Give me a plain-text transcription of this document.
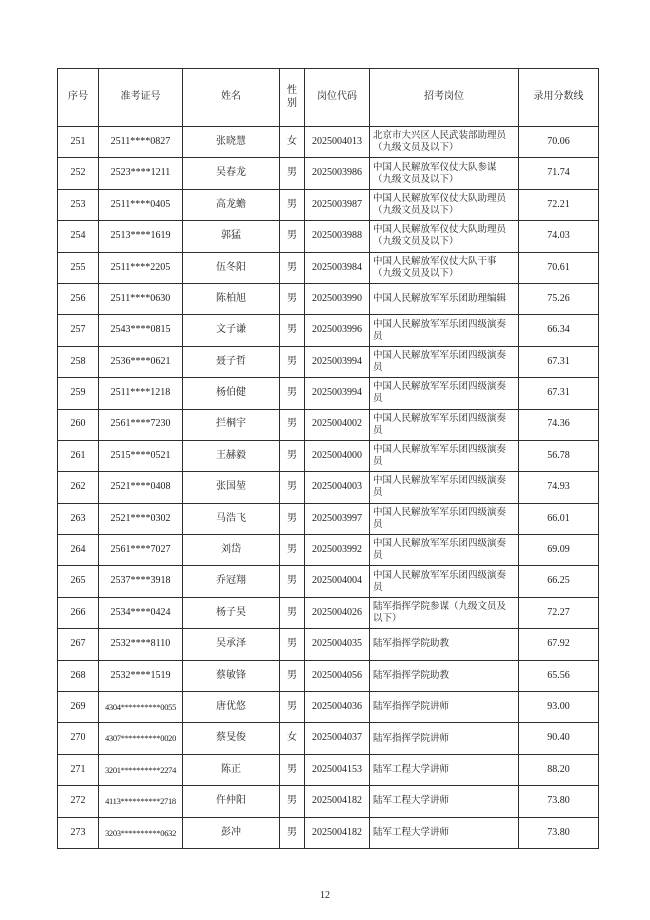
序号	准考证号	姓名	性别	岗位代码	招考岗位	录用分数线
251	2511****0827	张晓慧	女	2025004013	北京市大兴区人民武装部助理员（九级文员及以下）	70.06
252	2523****1211	吴春龙	男	2025003986	中国人民解放军仪仗大队参谋（九级文员及以下）	71.74
253	2511****0405	高龙蟾	男	2025003987	中国人民解放军仪仗大队助理员（九级文员及以下）	72.21
254	2513****1619	郭猛	男	2025003988	中国人民解放军仪仗大队助理员（九级文员及以下）	74.03
255	2511****2205	伍冬阳	男	2025003984	中国人民解放军仪仗大队干事（九级文员及以下）	70.61
256	2511****0630	陈柏旭	男	2025003990	中国人民解放军军乐团助理编辑	75.26
257	2543****0815	文子谦	男	2025003996	中国人民解放军军乐团四级演奏员	66.34
258	2536****0621	聂子哲	男	2025003994	中国人民解放军军乐团四级演奏员	67.31
259	2511****1218	杨伯健	男	2025003994	中国人民解放军军乐团四级演奏员	67.31
260	2561****7230	拦桐宇	男	2025004002	中国人民解放军军乐团四级演奏员	74.36
261	2515****0521	王赫毅	男	2025004000	中国人民解放军军乐团四级演奏员	56.78
262	2521****0408	张国堃	男	2025004003	中国人民解放军军乐团四级演奏员	74.93
263	2521****0302	马浩飞	男	2025003997	中国人民解放军军乐团四级演奏员	66.01
264	2561****7027	刘岱	男	2025003992	中国人民解放军军乐团四级演奏员	69.09
265	2537****3918	乔冠翔	男	2025004004	中国人民解放军军乐团四级演奏员	66.25
266	2534****0424	杨子昊	男	2025004026	陆军指挥学院参谋（九级文员及以下）	72.27
267	2532****8110	吴承泽	男	2025004035	陆军指挥学院助教	67.92
268	2532****1519	蔡敏锋	男	2025004056	陆军指挥学院助教	65.56
269	4304**********0055	唐优悠	男	2025004036	陆军指挥学院讲师	93.00
270	4307**********0020	蔡旻俊	女	2025004037	陆军指挥学院讲师	90.40
271	3201**********2274	陈正	男	2025004153	陆军工程大学讲师	88.20
272	4113**********2718	仵仲阳	男	2025004182	陆军工程大学讲师	73.80
273	3203**********0632	彭冲	男	2025004182	陆军工程大学讲师	73.80
12
